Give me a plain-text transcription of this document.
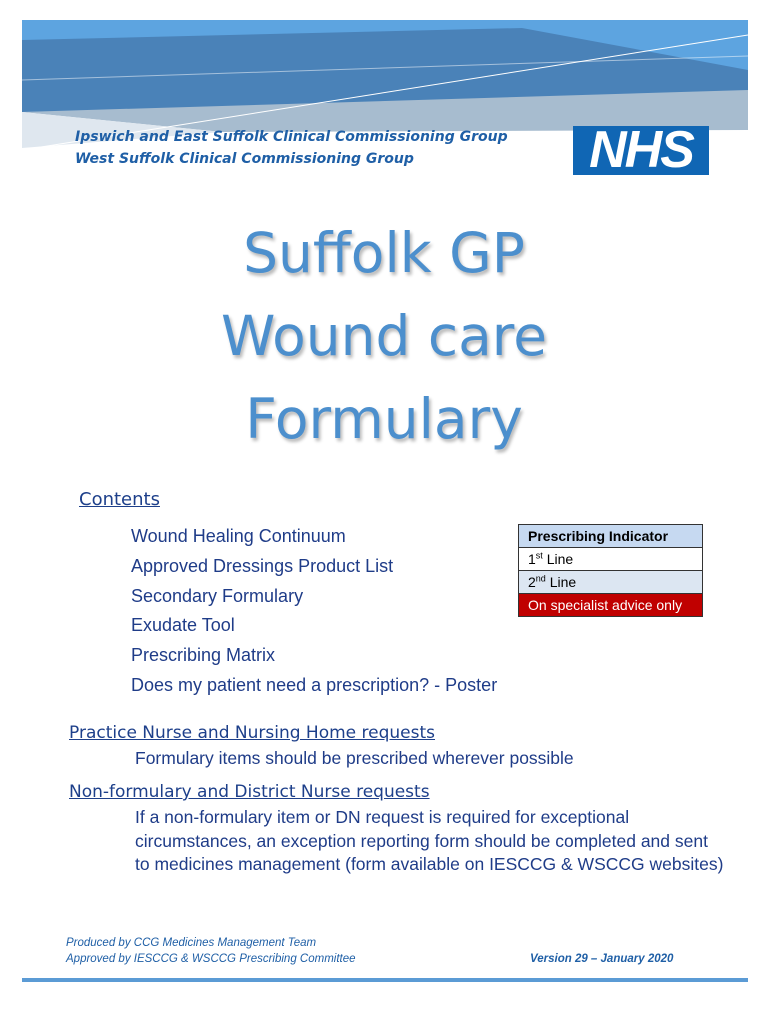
Ipswich and East Suffolk Clinical Commissioning Group
West Suffolk Clinical Commissioning Group	NHS
Suffolk GP
Wound care
Formulary
Contents
Wound Healing Continuum
Approved Dressings Product List
Secondary Formulary
Exudate Tool
Prescribing Matrix
Does my patient need a prescription? - Poster
Prescribing Indicator
1st Line
2nd Line
On specialist advice only
Practice Nurse and Nursing Home requests
Formulary items should be prescribed wherever possible
Non-formulary and District Nurse requests
If a non-formulary item or DN request is required for exceptional circumstances, an exception reporting form should be completed and sent to medicines management (form available on IESCCG & WSCCG websites)
Produced by CCG Medicines Management Team
Approved by IESCCG & WSCCG Prescribing Committee	Version 29 – January 2020
